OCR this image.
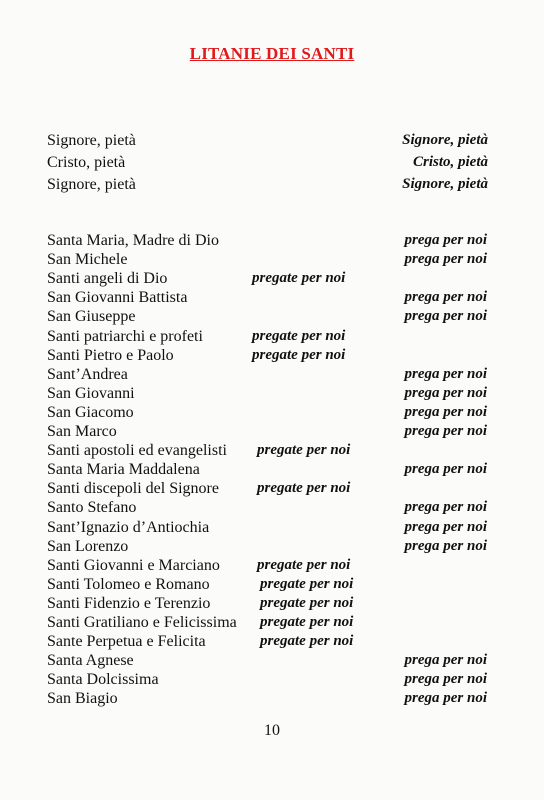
LITANIE DEI SANTI
Signore, pietà	Signore, pietà
Cristo, pietà	Cristo, pietà
Signore, pietà	Signore, pietà
Santa Maria, Madre di Dio	prega per noi
San Michele	prega per noi
Santi angeli di Dio	pregate per noi
San Giovanni Battista	prega per noi
San Giuseppe	prega per noi
Santi patriarchi e profeti	pregate per noi
Santi Pietro e Paolo	pregate per noi
Sant’Andrea	prega per noi
San Giovanni	prega per noi
San Giacomo	prega per noi
San Marco	prega per noi
Santi apostoli ed evangelisti pregate per noi
Santa Maria Maddalena	prega per noi
Santi discepoli del Signore	pregate per noi
Santo Stefano	prega per noi
Sant’Ignazio d’Antiochia	prega per noi
San Lorenzo	prega per noi
Santi Giovanni e Marciano pregate per noi
Santi Tolomeo e Romano	pregate per noi
Santi Fidenzio e Terenzio	pregate per noi
Santi Gratiliano e Felicissima pregate per noi
Sante Perpetua e Felicita	pregate per noi
Santa Agnese	prega per noi
Santa Dolcissima	prega per noi
San Biagio	prega per noi
10
